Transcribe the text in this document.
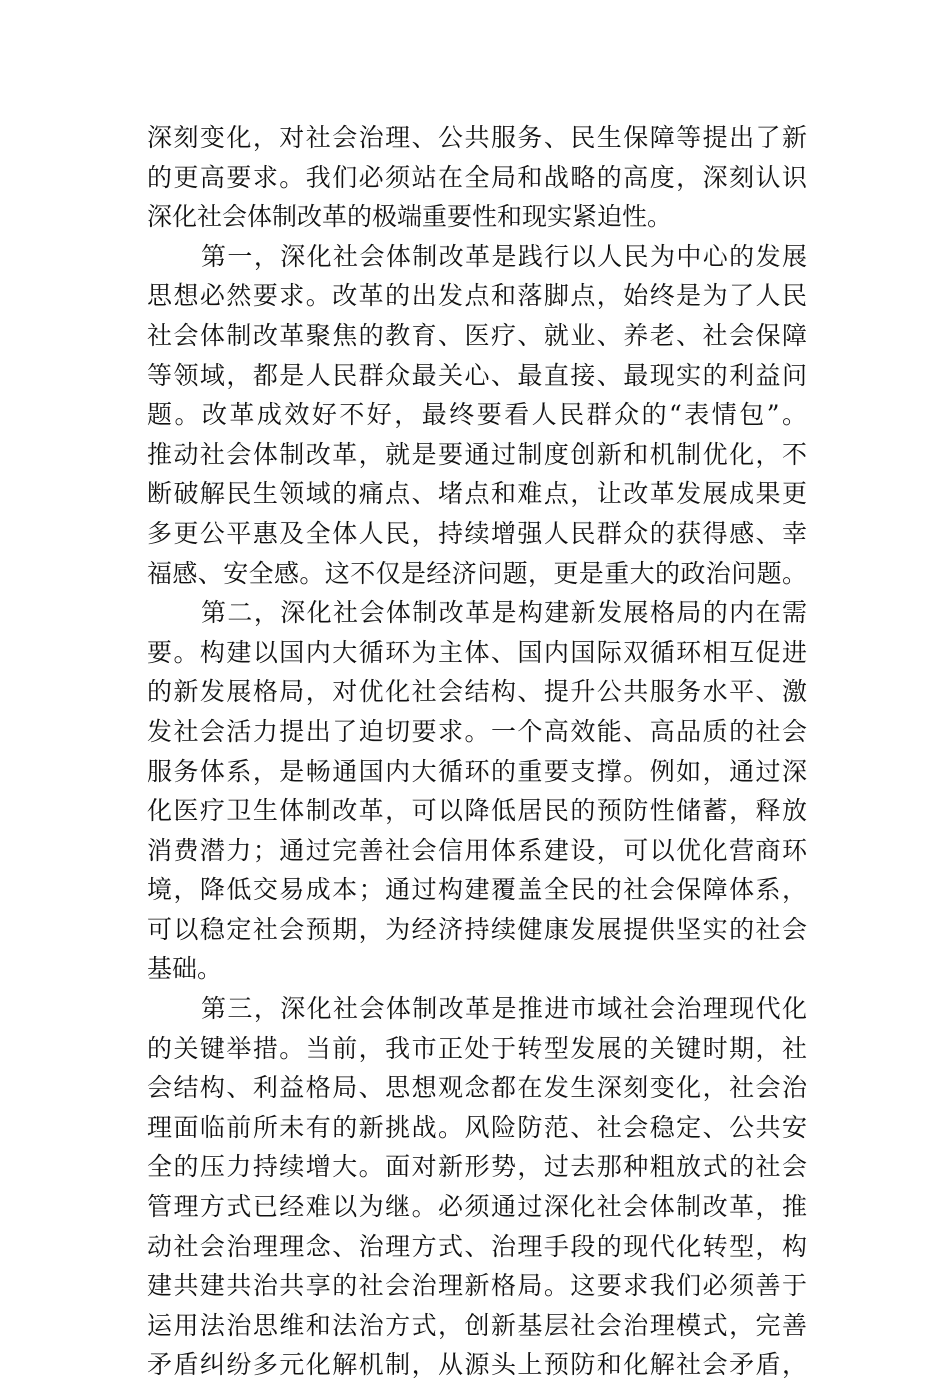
深刻变化，对社会治理、公共服务、民生保障等提出了新
的更高要求。我们必须站在全局和战略的高度，深刻认识
深化社会体制改革的极端重要性和现实紧迫性。
第一，深化社会体制改革是践行以人民为中心的发展
思想必然要求。改革的出发点和落脚点，始终是为了人民
社会体制改革聚焦的教育、医疗、就业、养老、社会保障
等领域，都是人民群众最关心、最直接、最现实的利益问
题。改革成效好不好，最终要看人民群众的“表情包”。
推动社会体制改革，就是要通过制度创新和机制优化，不
断破解民生领域的痛点、堵点和难点，让改革发展成果更
多更公平惠及全体人民，持续增强人民群众的获得感、幸
福感、安全感。这不仅是经济问题，更是重大的政治问题。
第二，深化社会体制改革是构建新发展格局的内在需
要。构建以国内大循环为主体、国内国际双循环相互促进
的新发展格局，对优化社会结构、提升公共服务水平、激
发社会活力提出了迫切要求。一个高效能、高品质的社会
服务体系，是畅通国内大循环的重要支撑。例如，通过深
化医疗卫生体制改革，可以降低居民的预防性储蓄，释放
消费潜力；通过完善社会信用体系建设，可以优化营商环
境，降低交易成本；通过构建覆盖全民的社会保障体系，
可以稳定社会预期，为经济持续健康发展提供坚实的社会
基础。
第三，深化社会体制改革是推进市域社会治理现代化
的关键举措。当前，我市正处于转型发展的关键时期，社
会结构、利益格局、思想观念都在发生深刻变化，社会治
理面临前所未有的新挑战。风险防范、社会稳定、公共安
全的压力持续增大。面对新形势，过去那种粗放式的社会
管理方式已经难以为继。必须通过深化社会体制改革，推
动社会治理理念、治理方式、治理手段的现代化转型，构
建共建共治共享的社会治理新格局。这要求我们必须善于
运用法治思维和法治方式，创新基层社会治理模式，完善
矛盾纠纷多元化解机制，从源头上预防和化解社会矛盾，
